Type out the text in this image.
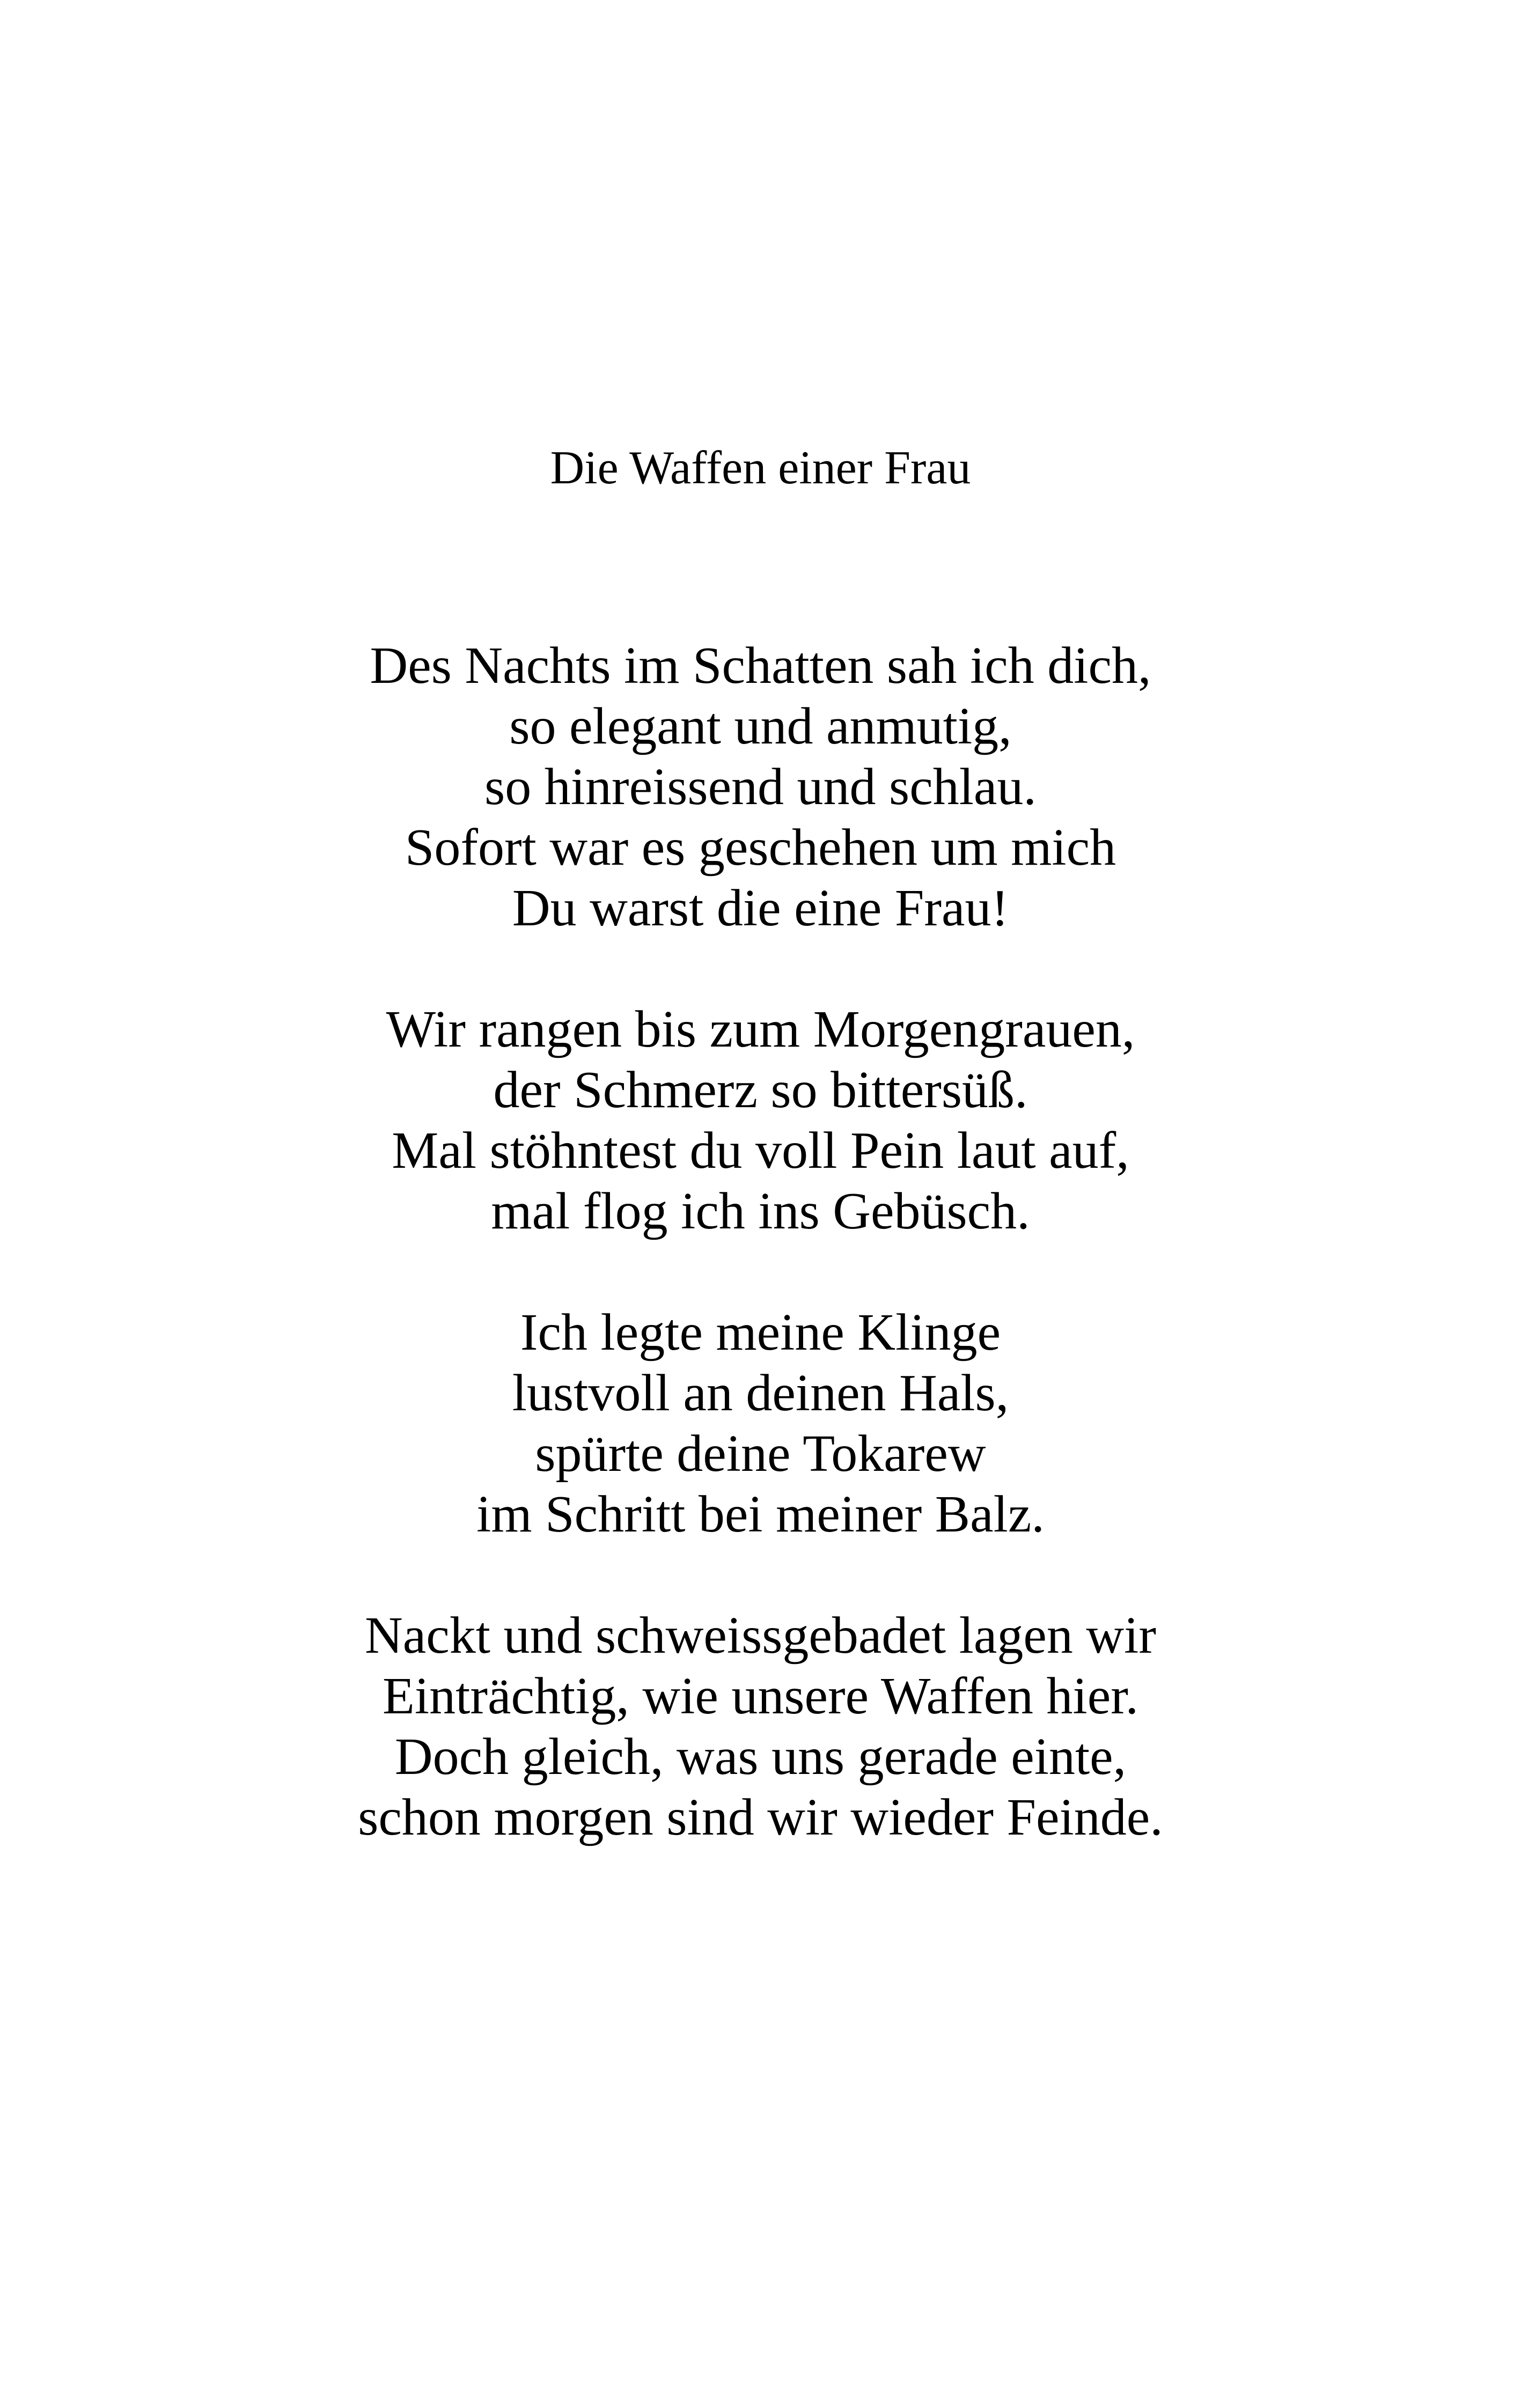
Die Waffen einer Frau
Des Nachts im Schatten sah ich dich,
so elegant und anmutig,
so hinreissend und schlau.
Sofort war es geschehen um mich
Du warst die eine Frau!
Wir rangen bis zum Morgengrauen,
der Schmerz so bittersüß.
Mal stöhntest du voll Pein laut auf,
mal flog ich ins Gebüsch.
Ich legte meine Klinge
lustvoll an deinen Hals,
spürte deine Tokarew
im Schritt bei meiner Balz.
Nackt und schweissgebadet lagen wir
Einträchtig, wie unsere Waffen hier.
Doch gleich, was uns gerade einte,
schon morgen sind wir wieder Feinde.
